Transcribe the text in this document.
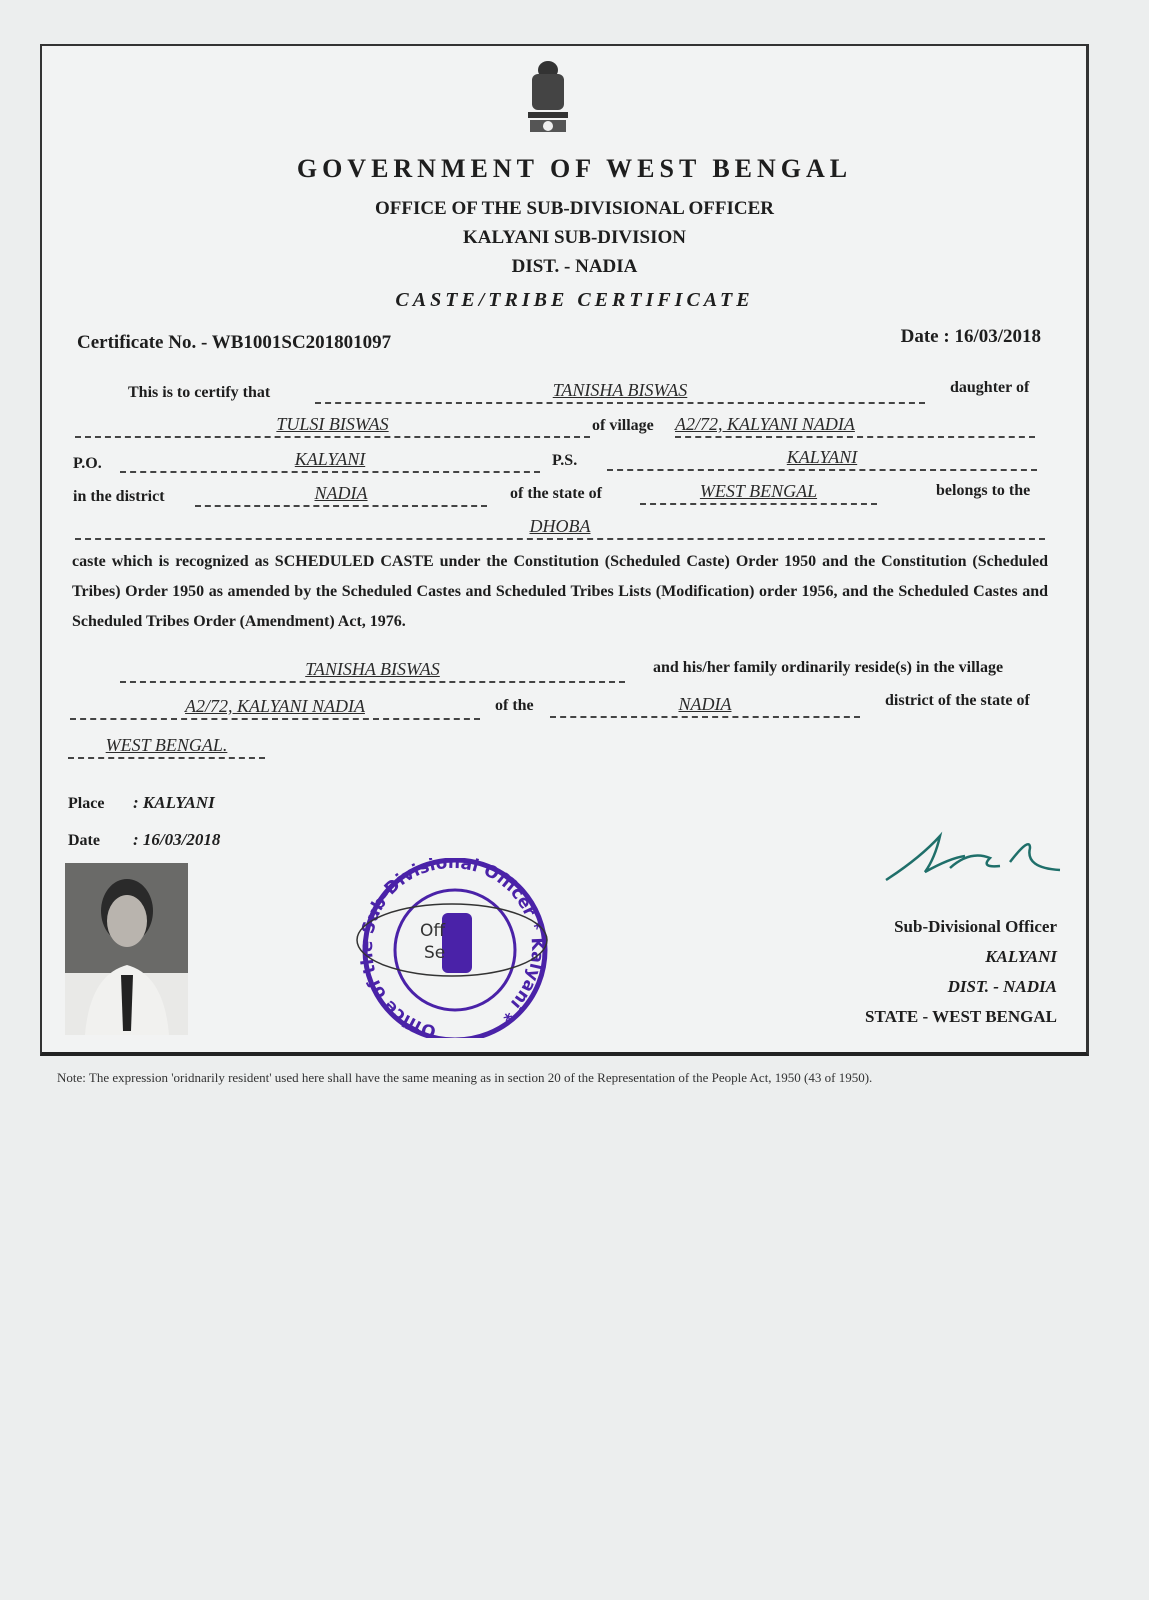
GOVERNMENT OF WEST BENGAL
OFFICE OF THE SUB-DIVISIONAL OFFICER
KALYANI SUB-DIVISION
DIST. - NADIA
CASTE/TRIBE CERTIFICATE
Certificate No. - WB1001SC201801097	Date : 16/03/2018
This is to certify that	TANISHA BISWAS	daughter of
TULSI BISWAS	of village A2/72, KALYANI NADIA
P.O.	KALYANI	P.S.	KALYANI
in the district	NADIA	of the state of	WEST BENGAL	belongs to the
DHOBA
caste which is recognized as SCHEDULED CASTE under the Constitution (Scheduled Caste) Order 1950 and the Constitution (Scheduled Tribes) Order 1950 as amended by the Scheduled Castes and Scheduled Tribes Lists (Modification) order 1956, and the Scheduled Castes and Scheduled Tribes Order (Amendment) Act, 1976.
TANISHA BISWAS	and his/her family ordinarily reside(s) in the village
A2/72, KALYANI NADIA	of the	NADIA	district of the state of
WEST BENGAL.
Place : KALYANI
Date : 16/03/2018
Office of the Sub-Divisional Officer * Kalyani *
Off
Se
Sub-Divisional Officer
KALYANI
DIST. - NADIA
STATE - WEST BENGAL
Note: The expression 'oridnarily resident' used here shall have the same meaning as in section 20 of the Representation of the People Act, 1950 (43 of 1950).
